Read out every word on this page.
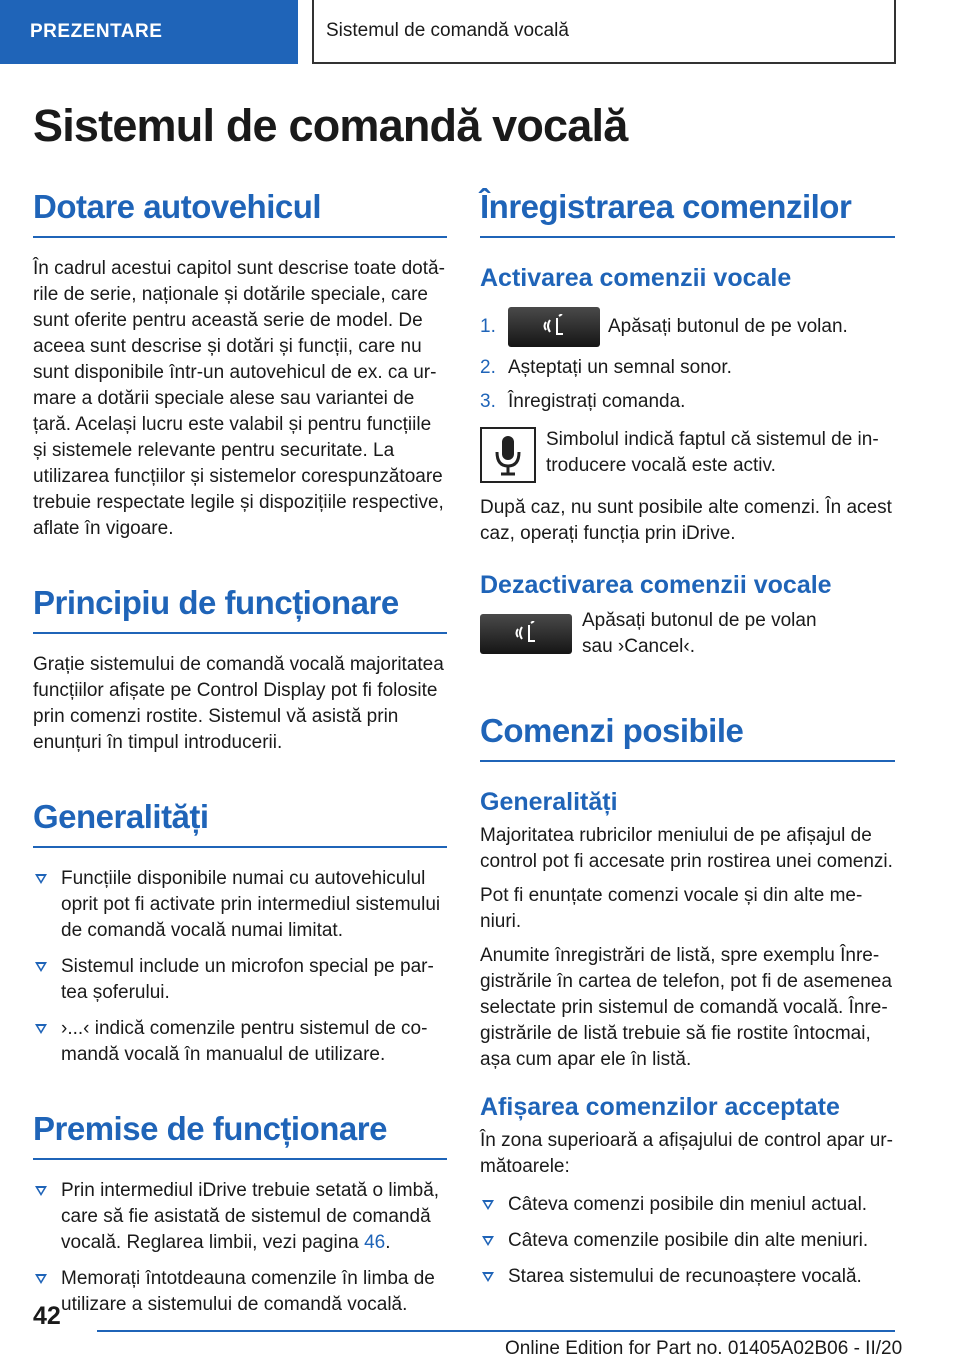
PREZENTARE	Sistemul de comandă vocală
Sistemul de comandă vocală
Dotare autovehicul

În cadrul acestui capitol sunt descrise toate dotările de serie, naționale și dotările speciale, care sunt oferite pentru această serie de model. De aceea sunt descrise și dotări și funcții, care nu sunt disponibile într-un autovehicul de ex. ca urmare a dotării speciale alese sau variantei de țară. Același lucru este valabil și pentru funcțiile și sistemele relevante pentru securitate. La utilizarea funcțiilor și sistemelor corespunzătoare trebuie respectate legile și dispozițiile respective, aflate în vigoare.

Principiu de funcționare

Grație sistemului de comandă vocală majoritatea funcțiilor afișate pe Control Display pot fi folosite prin comenzi rostite. Sistemul vă asistă prin enunțuri în timpul introducerii.

Generalități
Funcțiile disponibile numai cu autovehiculul oprit pot fi activate prin intermediul sistemului de comandă vocală numai limitat.
Sistemul include un microfon special pe partea șoferului.
›...‹ indică comenzile pentru sistemul de comandă vocală în manualul de utilizare.
Premise de funcționare
Prin intermediul iDrive trebuie setată o limbă, care să fie asistată de sistemul de comandă vocală. Reglarea limbii, vezi pagina 46.
Memorați întotdeauna comenzile în limba de utilizare a sistemului de comandă vocală.
Înregistrarea comenzilor
Activarea comenzii vocale
1.	Apăsați butonul de pe volan.
2. Așteptați un semnal sonor.
3. Înregistrați comanda.

Simbolul indică faptul că sistemul de introducere vocală este activ.

După caz, nu sunt posibile alte comenzi. În acest caz, operați funcția prin iDrive.

Dezactivarea comenzii vocale

Apăsați butonul de pe volan

sau ›Cancel‹.

Comenzi posibile
Generalități

Majoritatea rubricilor meniului de pe afișajul de control pot fi accesate prin rostirea unei comenzi.

Pot fi enunțate comenzi vocale și din alte meniuri.

Anumite înregistrări de listă, spre exemplu Înregistrările în cartea de telefon, pot fi de asemenea selectate prin sistemul de comandă vocală. Înregistrările de listă trebuie să fie rostite întocmai, așa cum apar ele în listă.

Afișarea comenzilor acceptate

În zona superioară a afișajului de control apar următoarele:

Câteva comenzi posibile din meniul actual.
Câteva comenzile posibile din alte meniuri.
Starea sistemului de recunoaștere vocală.
42
Online Edition for Part no. 01405A02B06 - II/20
